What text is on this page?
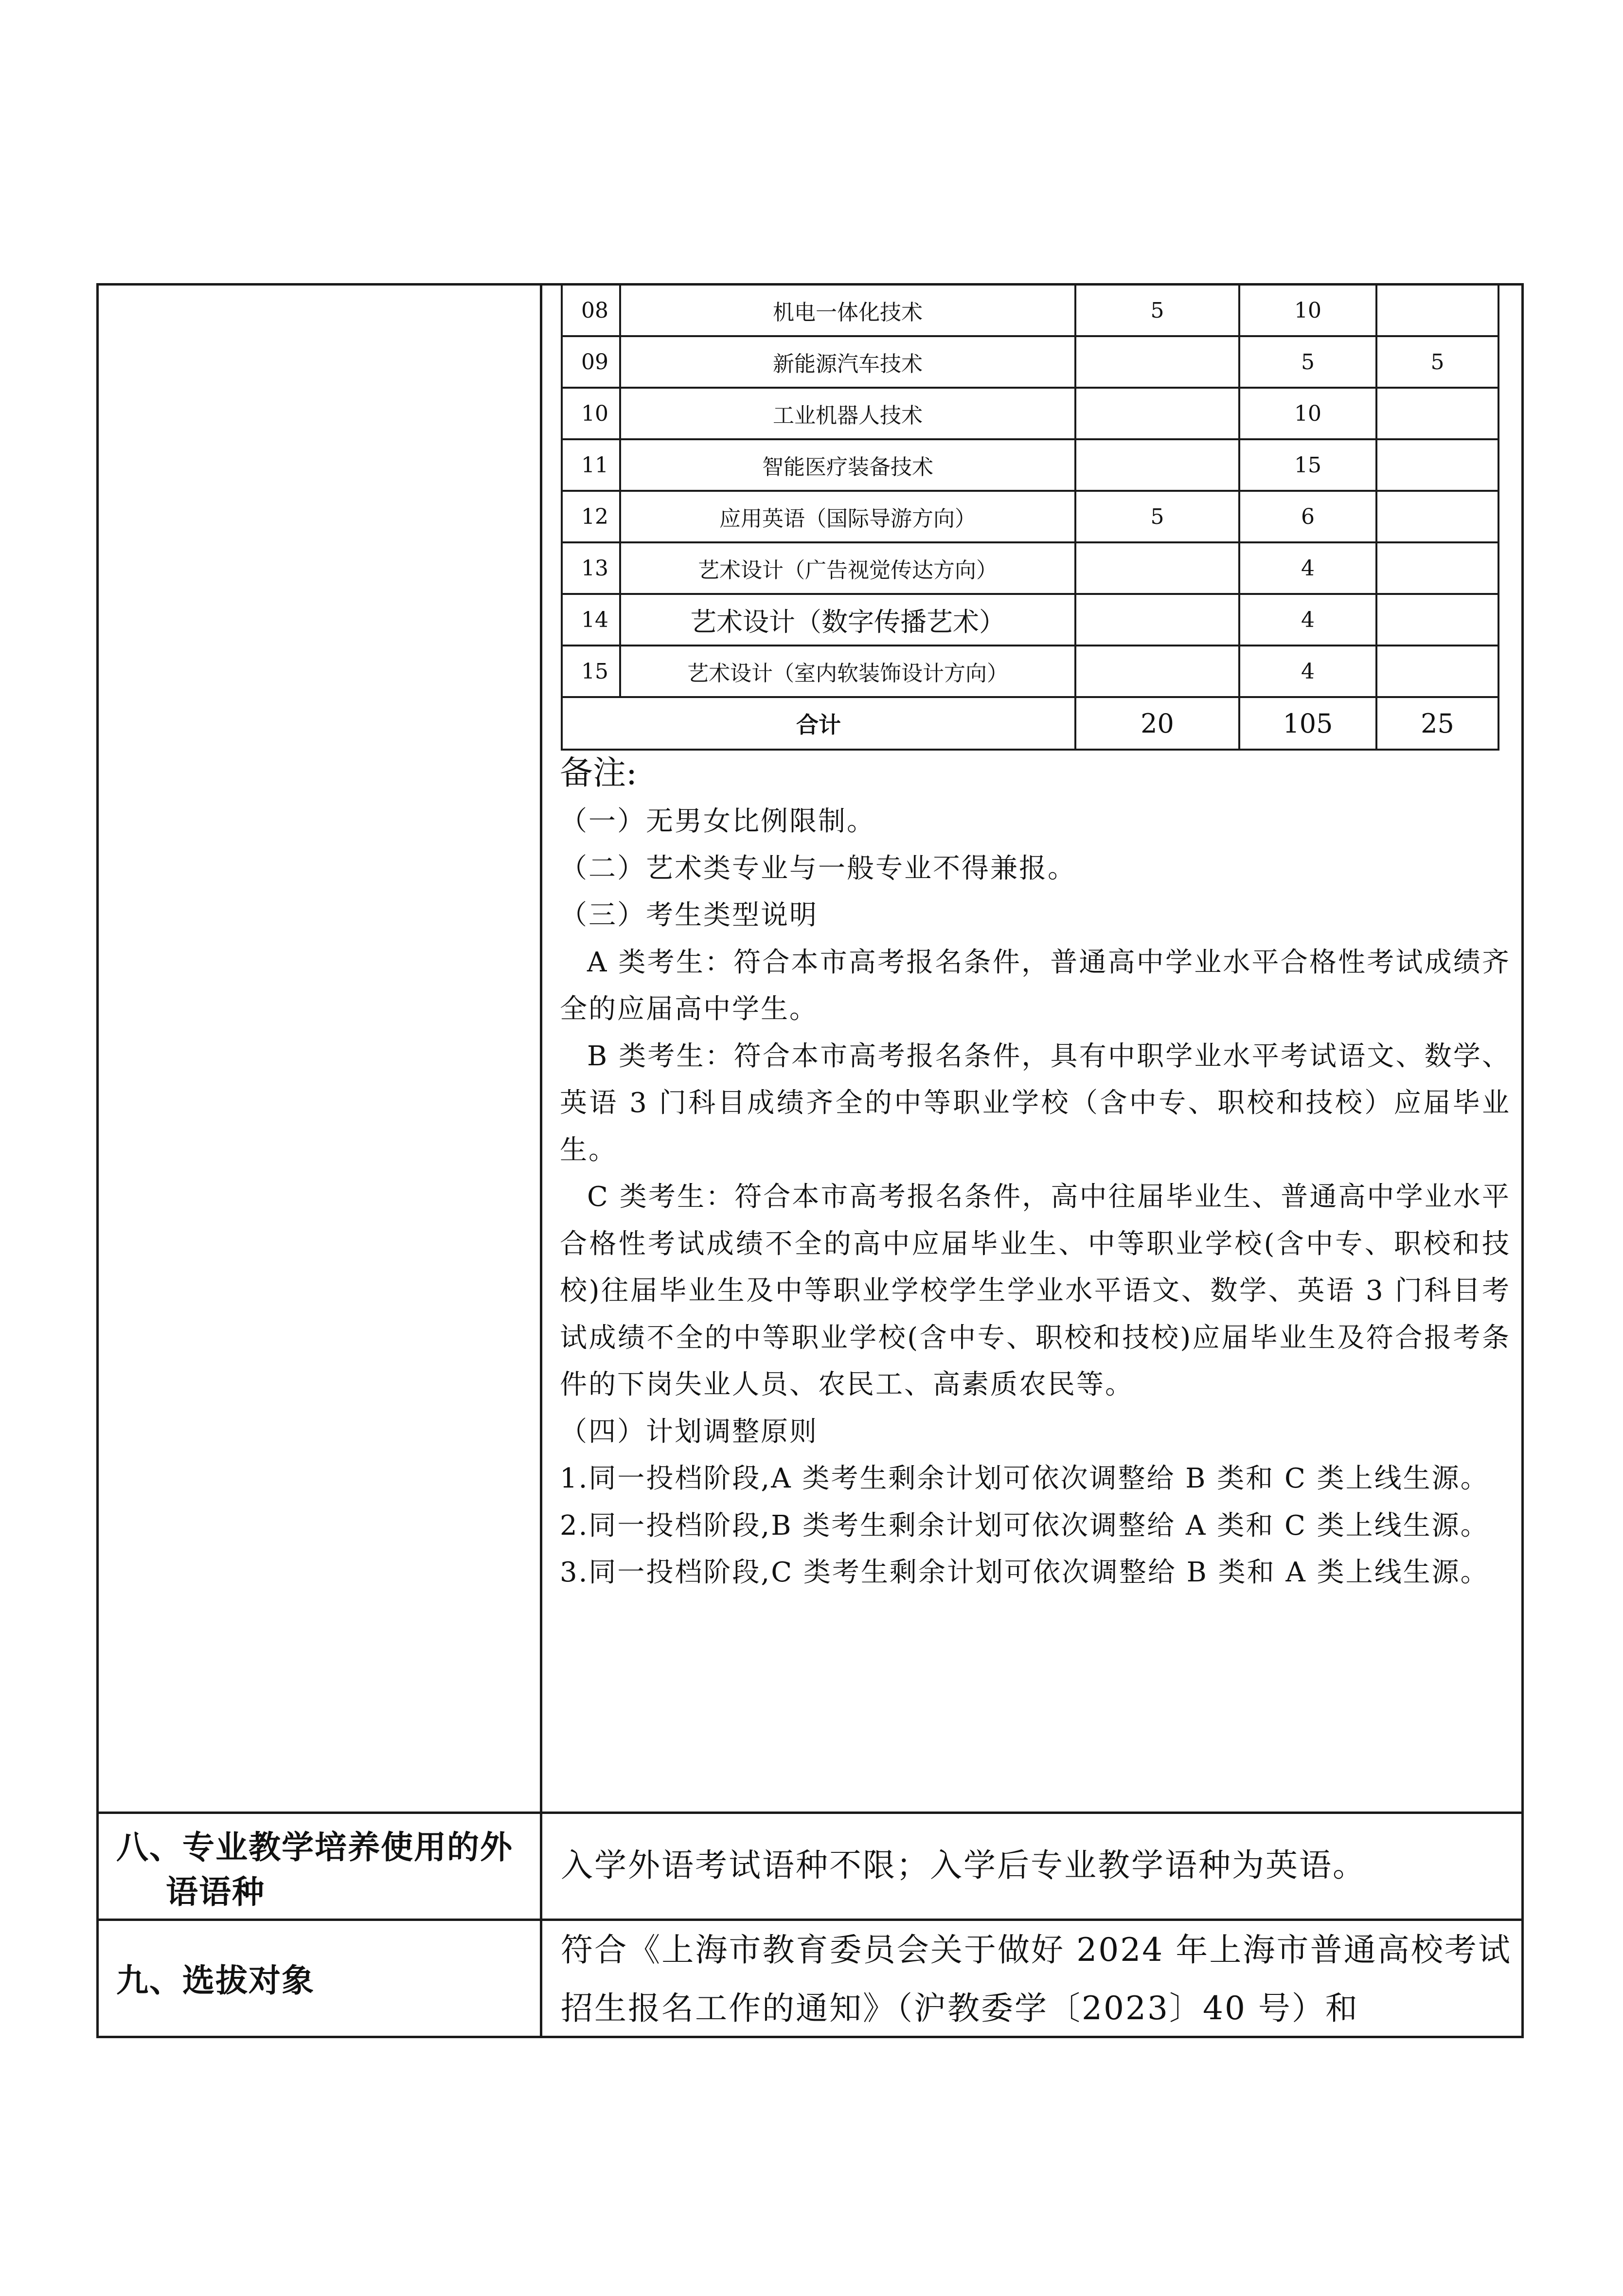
08	机电一体化技术	5	10	
09	新能源汽车技术		5	5
10	工业机器人技术		10	
11	智能医疗装备技术		15	
12	应用英语（国际导游方向）	5	6	
13	艺术设计（广告视觉传达方向）		4	
14	艺术设计（数字传播艺术）		4	
15	艺术设计（室内软装饰设计方向）		4	
合计	20	105	25
备注:

（一）无男女比例限制。

（二）艺术类专业与一般专业不得兼报。

（三）考生类型说明

A 类考生：符合本市高考报名条件，普通高中学业水平合格性考试成绩齐全的应届高中学生。

B 类考生：符合本市高考报名条件，具有中职学业水平考试语文、数学、英语 3 门科目成绩齐全的中等职业学校（含中专、职校和技校）应届毕业生。

C 类考生：符合本市高考报名条件，高中往届毕业生、普通高中学业水平合格性考试成绩不全的高中应届毕业生、中等职业学校(含中专、职校和技校)往届毕业生及中等职业学校学生学业水平语文、数学、英语 3 门科目考试成绩不全的中等职业学校(含中专、职校和技校)应届毕业生及符合报考条件的下岗失业人员、农民工、高素质农民等。

（四）计划调整原则

1.同一投档阶段,A 类考生剩余计划可依次调整给 B 类和 C 类上线生源。

2.同一投档阶段,B 类考生剩余计划可依次调整给 A 类和 C 类上线生源。

3.同一投档阶段,C 类考生剩余计划可依次调整给 B 类和 A 类上线生源。

八、专业教学培养使用的外
语语种

入学外语考试语种不限；入学后专业教学语种为英语。

九、选拔对象

符合《上海市教育委员会关于做好 2024 年上海市普通高校考试招生报名工作的通知》（沪教委学〔2023〕40 号）和
